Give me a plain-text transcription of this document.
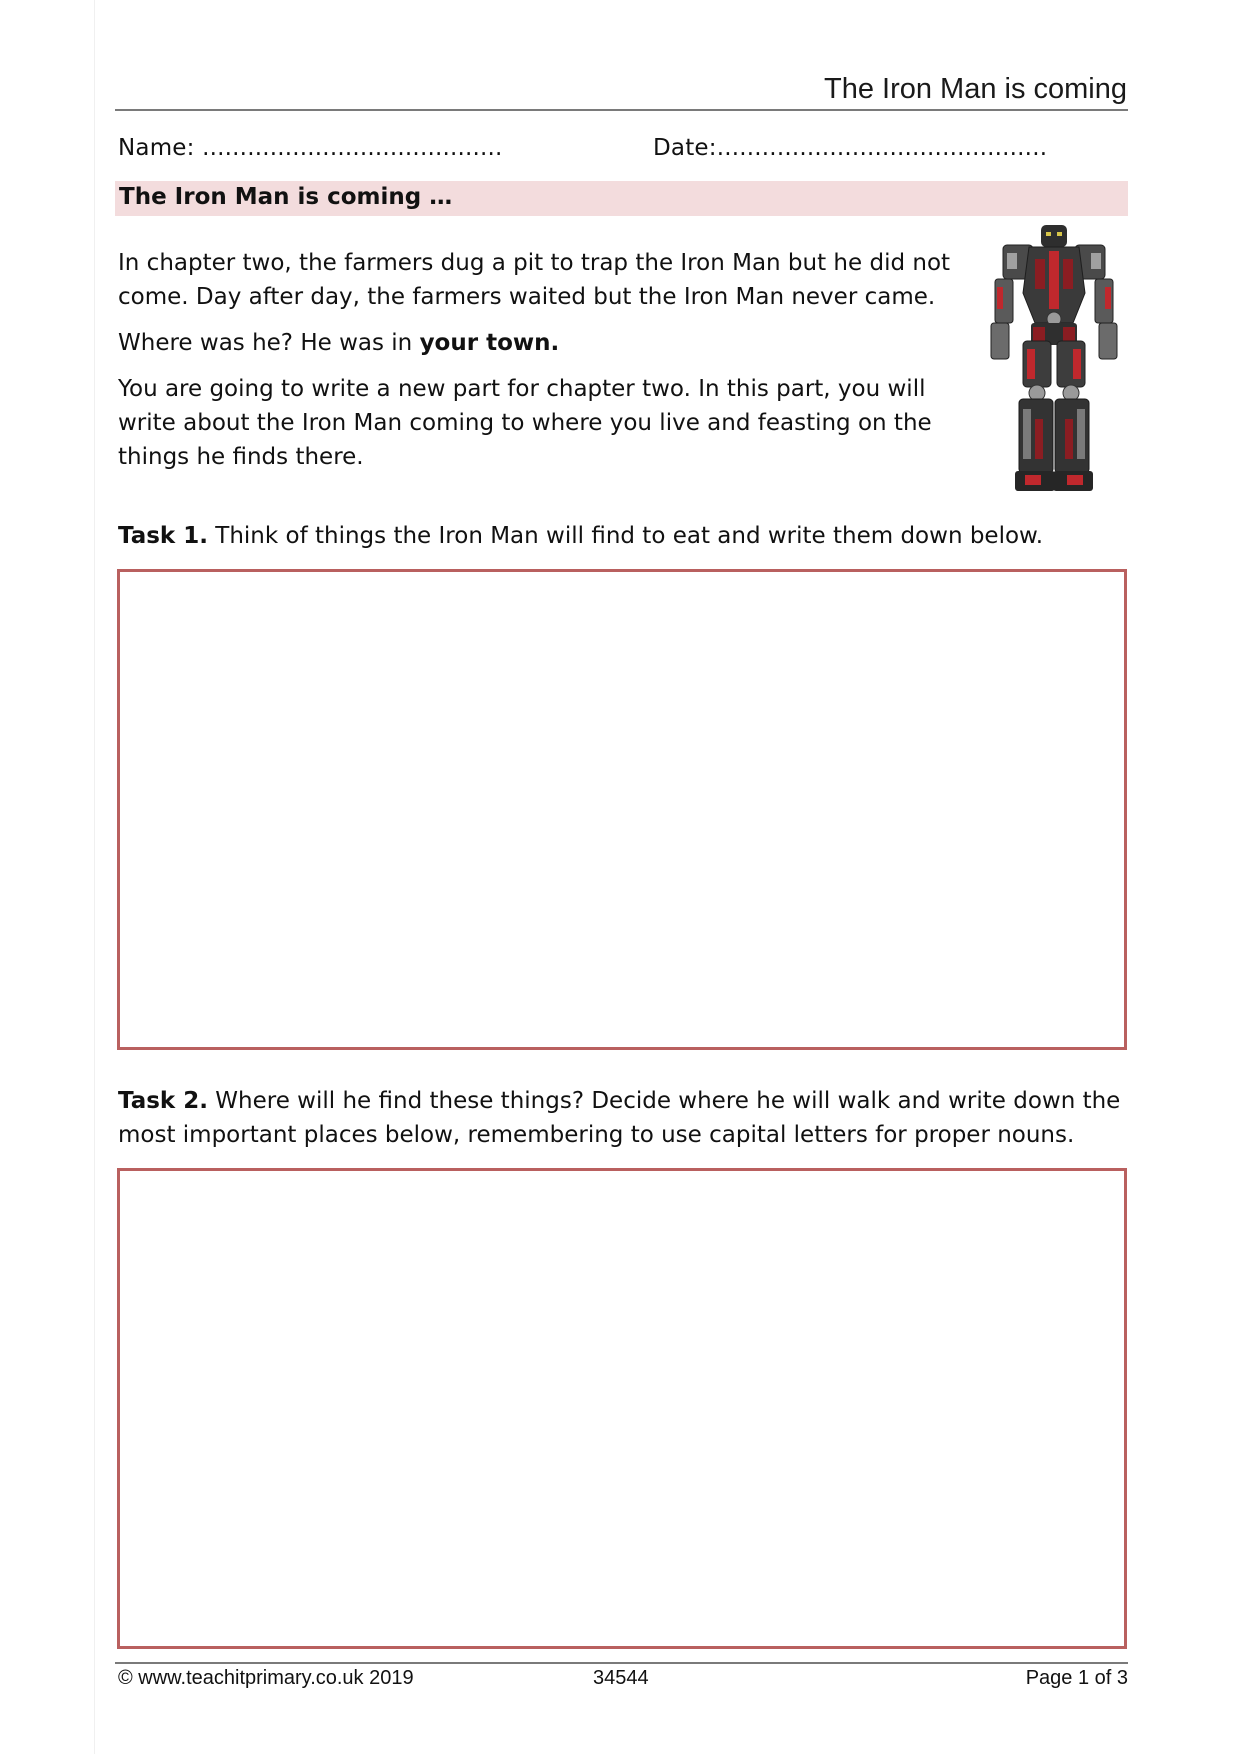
The Iron Man is coming
Name: ........................................	Date:............................................
The Iron Man is coming …

In chapter two, the farmers dug a pit to trap the Iron Man but he did not come. Day after day, the farmers waited but the Iron Man never came.

Where was he? He was in your town.

You are going to write a new part for chapter two. In this part, you will write about the Iron Man coming to where you live and feasting on the things he finds there.

Task 1. Think of things the Iron Man will find to eat and write them down below.

Task 2. Where will he find these things? Decide where he will walk and write down the most important places below, remembering to use capital letters for proper nouns.

© www.teachitprimary.co.uk 2019	34544	Page 1 of 3
